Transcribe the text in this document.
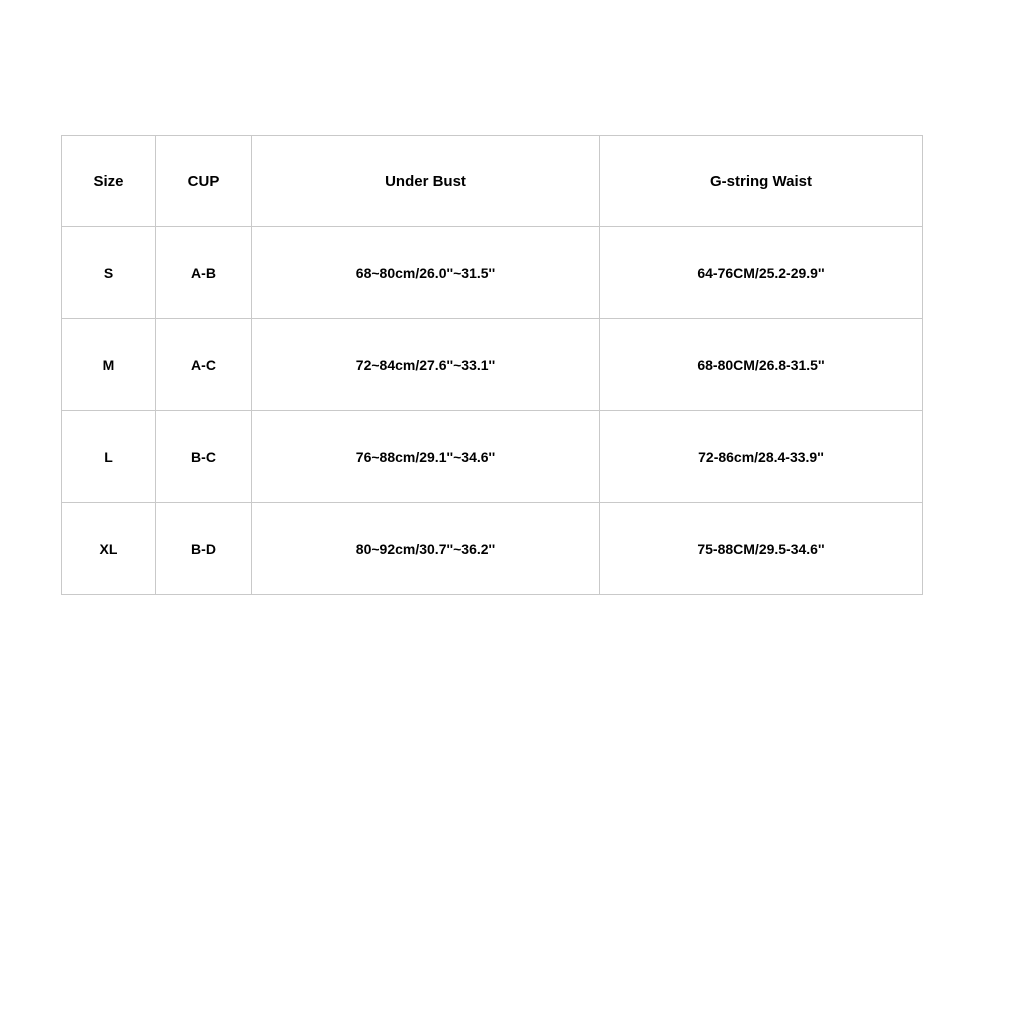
Size	CUP	Under Bust	G-string Waist
S	A-B	68~80cm/26.0''~31.5''	64-76CM/25.2-29.9''
M	A-C	72~84cm/27.6''~33.1''	68-80CM/26.8-31.5''
L	B-C	76~88cm/29.1''~34.6''	72-86cm/28.4-33.9''
XL	B-D	80~92cm/30.7''~36.2''	75-88CM/29.5-34.6''
